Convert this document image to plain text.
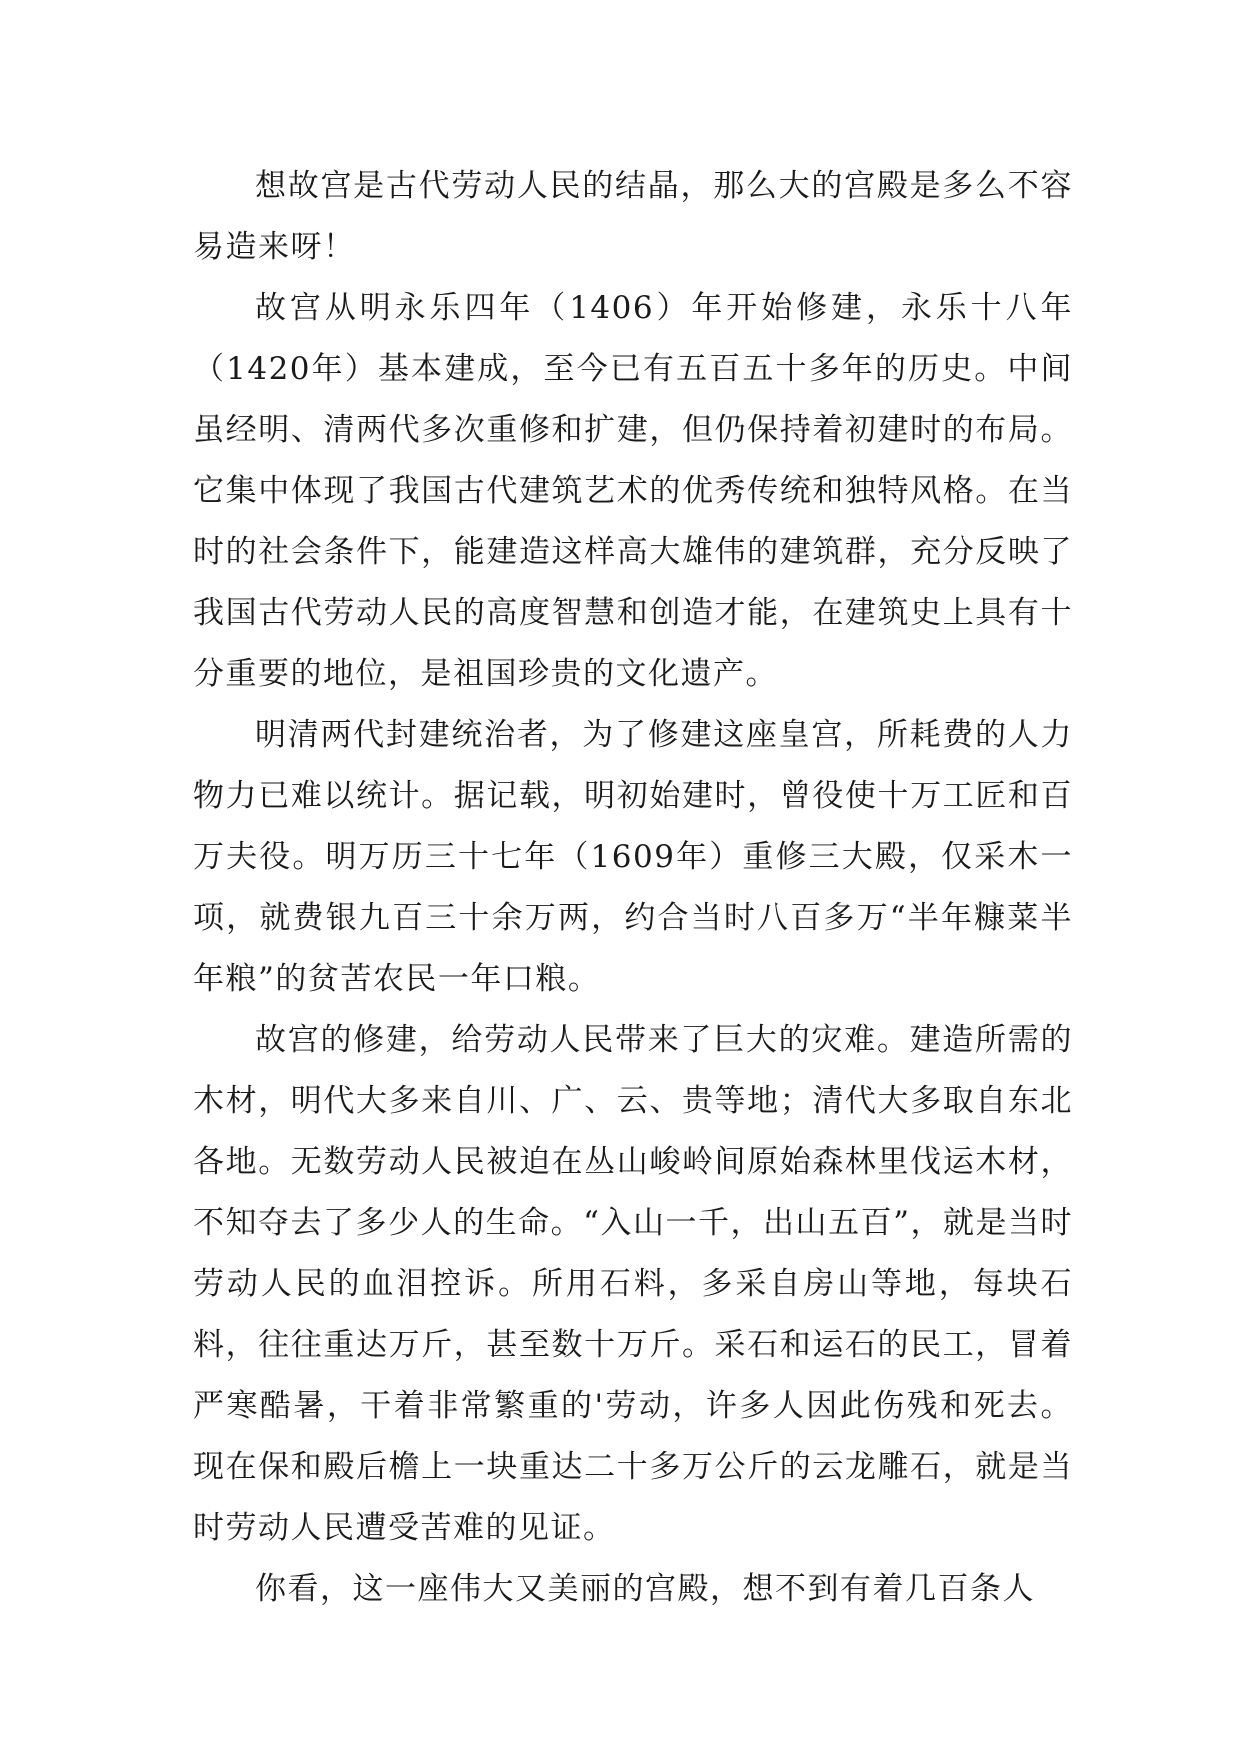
想故宫是古代劳动人民的结晶，那么大的宫殿是多么不容易造来呀！

故宫从明永乐四年（1406）年开始修建，永乐十八年（1420年）基本建成，至今已有五百五十多年的历史。中间虽经明、清两代多次重修和扩建，但仍保持着初建时的布局。它集中体现了我国古代建筑艺术的优秀传统和独特风格。在当时的社会条件下，能建造这样高大雄伟的建筑群，充分反映了我国古代劳动人民的高度智慧和创造才能，在建筑史上具有十分重要的地位，是祖国珍贵的文化遗产。

明清两代封建统治者，为了修建这座皇宫，所耗费的人力物力已难以统计。据记载，明初始建时，曾役使十万工匠和百万夫役。明万历三十七年（1609年）重修三大殿，仅采木一项，就费银九百三十余万两，约合当时八百多万“半年糠菜半年粮”的贫苦农民一年口粮。

故宫的修建，给劳动人民带来了巨大的灾难。建造所需的木材，明代大多来自川、广、云、贵等地；清代大多取自东北各地。无数劳动人民被迫在丛山峻岭间原始森林里伐运木材，不知夺去了多少人的生命。“入山一千，出山五百”，就是当时劳动人民的血泪控诉。所用石料，多采自房山等地，每块石料，往往重达万斤，甚至数十万斤。采石和运石的民工，冒着严寒酷暑，干着非常繁重的'劳动，许多人因此伤残和死去。现在保和殿后檐上一块重达二十多万公斤的云龙雕石，就是当时劳动人民遭受苦难的见证。

你看，这一座伟大又美丽的宫殿，想不到有着几百条人
